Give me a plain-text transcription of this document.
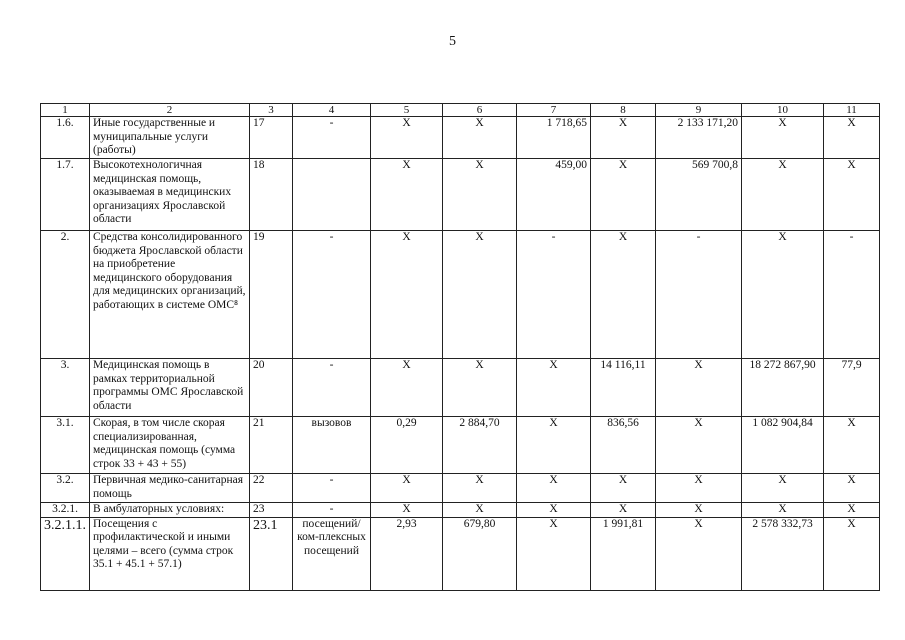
5
1	2	3	4	5	6	7	8	9	10	11
1.6.	Иные государственные и муниципальные услуги (работы)	17	-	Х	Х	1 718,65	Х	2 133 171,20	Х	Х
1.7.	Высокотехнологичная медицинская помощь, оказываемая в медицинских организациях Ярославской области	18		Х	Х	459,00	Х	569 700,8	Х	Х
2.	Средства консолидированного бюджета Ярославской области на приобретение медицинского оборудования для медицинских организаций, работающих в системе ОМС⁸	19	-	Х	Х	-	Х	-	Х	-
3.	Медицинская помощь в рамках территориальной программы ОМС Ярославской области	20	-	Х	Х	Х	14 116,11	Х	18 272 867,90	77,9
3.1.	Скорая, в том числе скорая специализированная, медицинская помощь (сумма строк 33 + 43 + 55)	21	вызовов	0,29	2 884,70	Х	836,56	Х	1 082 904,84	Х
3.2.	Первичная медико-санитарная помощь	22	-	Х	Х	Х	Х	Х	Х	Х
3.2.1.	В амбулаторных условиях:	23	-	Х	Х	Х	Х	Х	Х	Х
3.2.1.1.	Посещения с профилактической и иными целями – всего (сумма строк 35.1 + 45.1 + 57.1)	23.1	посещений/ком-плексных посещений	2,93	679,80	Х	1 991,81	Х	2 578 332,73	Х
